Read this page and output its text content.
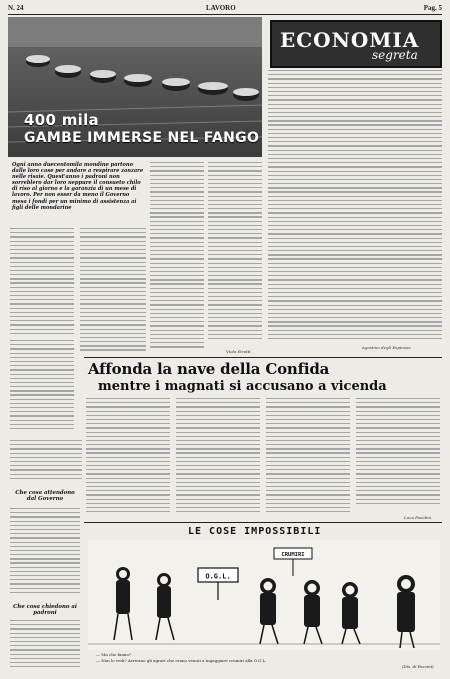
N. 24	LAVORO	Pag. 5
400 mila
GAMBE IMMERSE NEL FANGO
Ogni anno duecentomila mondine partono dalle loro case per andare a respirare zanzare nelle risaie. Quest'anno i padroni non sorreblero dar loro neppure il consueto chilo di riso al giorno e la garanzia di un mese di lavoro. Per non esser da meno il Governo mesa i fondi per un minimo di assistenza ai figli delle mondarine
Viola Stratti
Che cosa attendono dal Governo
Che cosa chiedono ai padroni
ECONOMIA
segreta
Agostino degli Espinosa
Affonda la nave della Confida
mentre i magnati si accusano a vicenda
Luca Pavolini
LE COSE IMPOSSIBILI
O.G.L.
CRUMIRI
— Ma che fanno?
— Non lo vedi? Arrivano gli agrari che erano venuti a ingaggiare crumiri alla O.G.L.
(Dis. di Fazzini)
